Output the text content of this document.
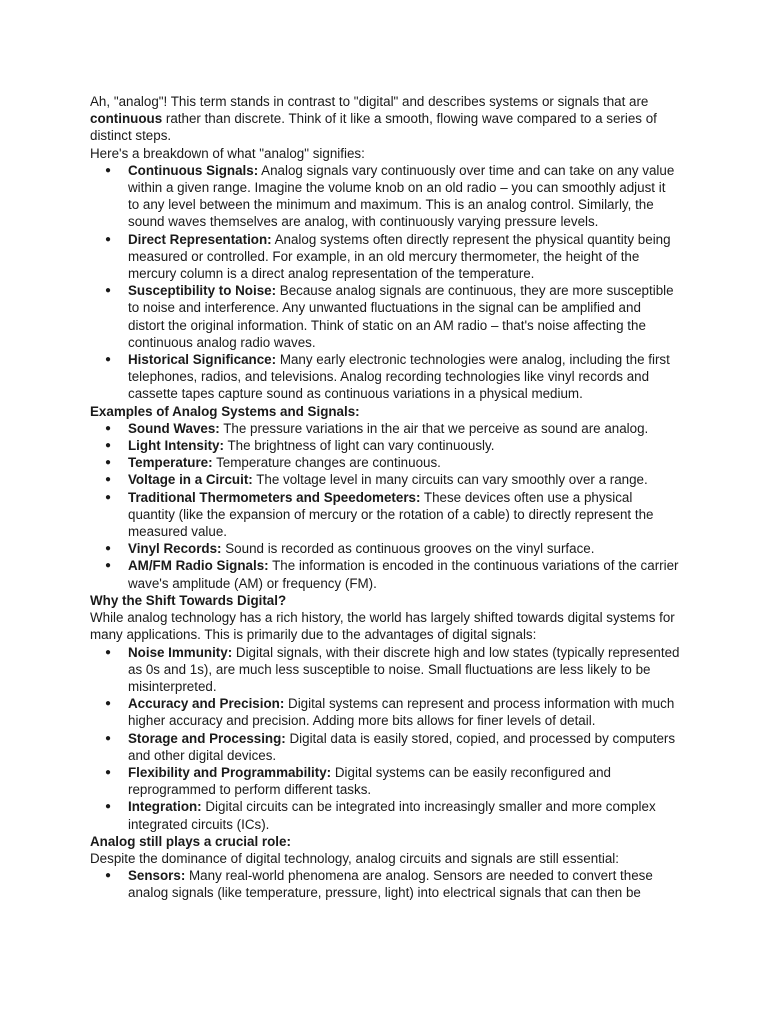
Ah, "analog"! This term stands in contrast to "digital" and describes systems or signals that are continuous rather than discrete. Think of it like a smooth, flowing wave compared to a series of distinct steps.

Here's a breakdown of what "analog" signifies:

● Continuous Signals: Analog signals vary continuously over time and can take on any value within a given range. Imagine the volume knob on an old radio – you can smoothly adjust it to any level between the minimum and maximum. This is an analog control. Similarly, the sound waves themselves are analog, with continuously varying pressure levels.
● Direct Representation: Analog systems often directly represent the physical quantity being measured or controlled. For example, in an old mercury thermometer, the height of the mercury column is a direct analog representation of the temperature.
● Susceptibility to Noise: Because analog signals are continuous, they are more susceptible to noise and interference. Any unwanted fluctuations in the signal can be amplified and distort the original information. Think of static on an AM radio – that's noise affecting the continuous analog radio waves.
● Historical Significance: Many early electronic technologies were analog, including the first telephones, radios, and televisions. Analog recording technologies like vinyl records and cassette tapes capture sound as continuous variations in a physical medium.

Examples of Analog Systems and Signals:

● Sound Waves: The pressure variations in the air that we perceive as sound are analog.
● Light Intensity: The brightness of light can vary continuously.
● Temperature: Temperature changes are continuous.
● Voltage in a Circuit: The voltage level in many circuits can vary smoothly over a range.
● Traditional Thermometers and Speedometers: These devices often use a physical quantity (like the expansion of mercury or the rotation of a cable) to directly represent the measured value.
● Vinyl Records: Sound is recorded as continuous grooves on the vinyl surface.
● AM/FM Radio Signals: The information is encoded in the continuous variations of the carrier wave's amplitude (AM) or frequency (FM).

Why the Shift Towards Digital?

While analog technology has a rich history, the world has largely shifted towards digital systems for many applications. This is primarily due to the advantages of digital signals:

● Noise Immunity: Digital signals, with their discrete high and low states (typically represented as 0s and 1s), are much less susceptible to noise. Small fluctuations are less likely to be misinterpreted.
● Accuracy and Precision: Digital systems can represent and process information with much higher accuracy and precision. Adding more bits allows for finer levels of detail.
● Storage and Processing: Digital data is easily stored, copied, and processed by computers and other digital devices.
● Flexibility and Programmability: Digital systems can be easily reconfigured and reprogrammed to perform different tasks.
● Integration: Digital circuits can be integrated into increasingly smaller and more complex integrated circuits (ICs).

Analog still plays a crucial role:

Despite the dominance of digital technology, analog circuits and signals are still essential:

● Sensors: Many real-world phenomena are analog. Sensors are needed to convert these analog signals (like temperature, pressure, light) into electrical signals that can then be
